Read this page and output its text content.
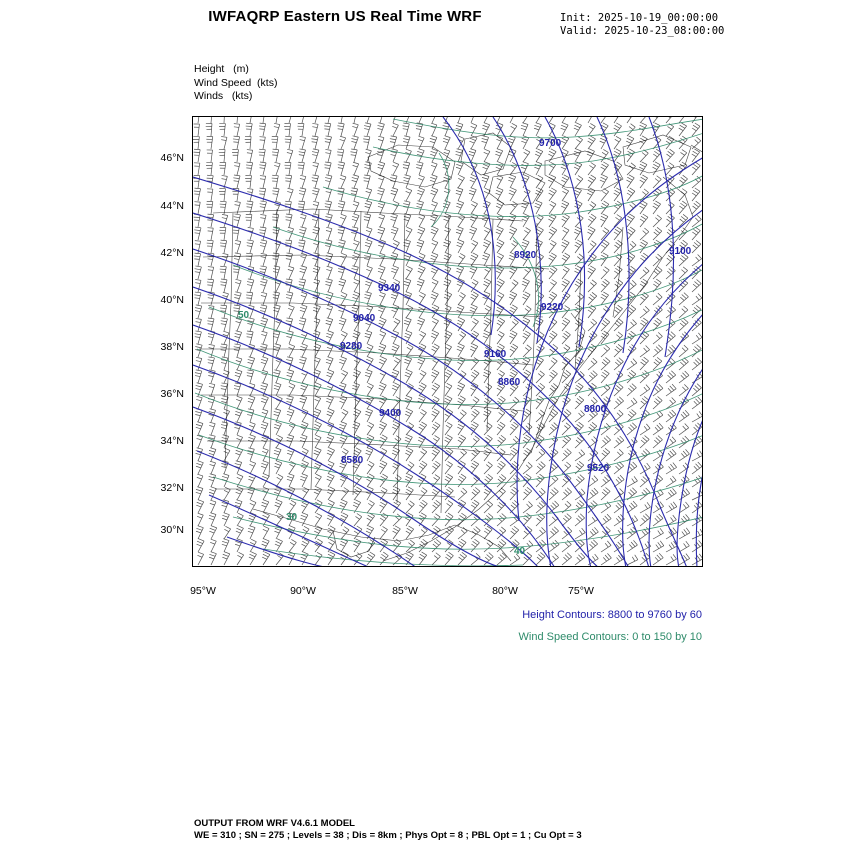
IWFAQRP Eastern US Real Time WRF	Init: 2025-10-19_00:00:00
Valid: 2025-10-23_08:00:00
Height   (m)
Wind Speed  (kts)
Winds   (kts)
46°N
44°N
42°N
40°N
38°N
36°N
34°N
32°N
30°N
95°W	90°W	85°W	80°W	75°W
9700
9100
8920
9340
9220
9040
9280
9160
8860
9400	8800
8580
9520
50
30
40
Height Contours: 8800 to 9760 by 60
Wind Speed Contours: 0 to 150 by 10
OUTPUT FROM WRF V4.6.1 MODEL
WE = 310 ; SN = 275 ; Levels = 38 ; Dis = 8km ; Phys Opt = 8 ; PBL Opt = 1 ; Cu Opt = 3
